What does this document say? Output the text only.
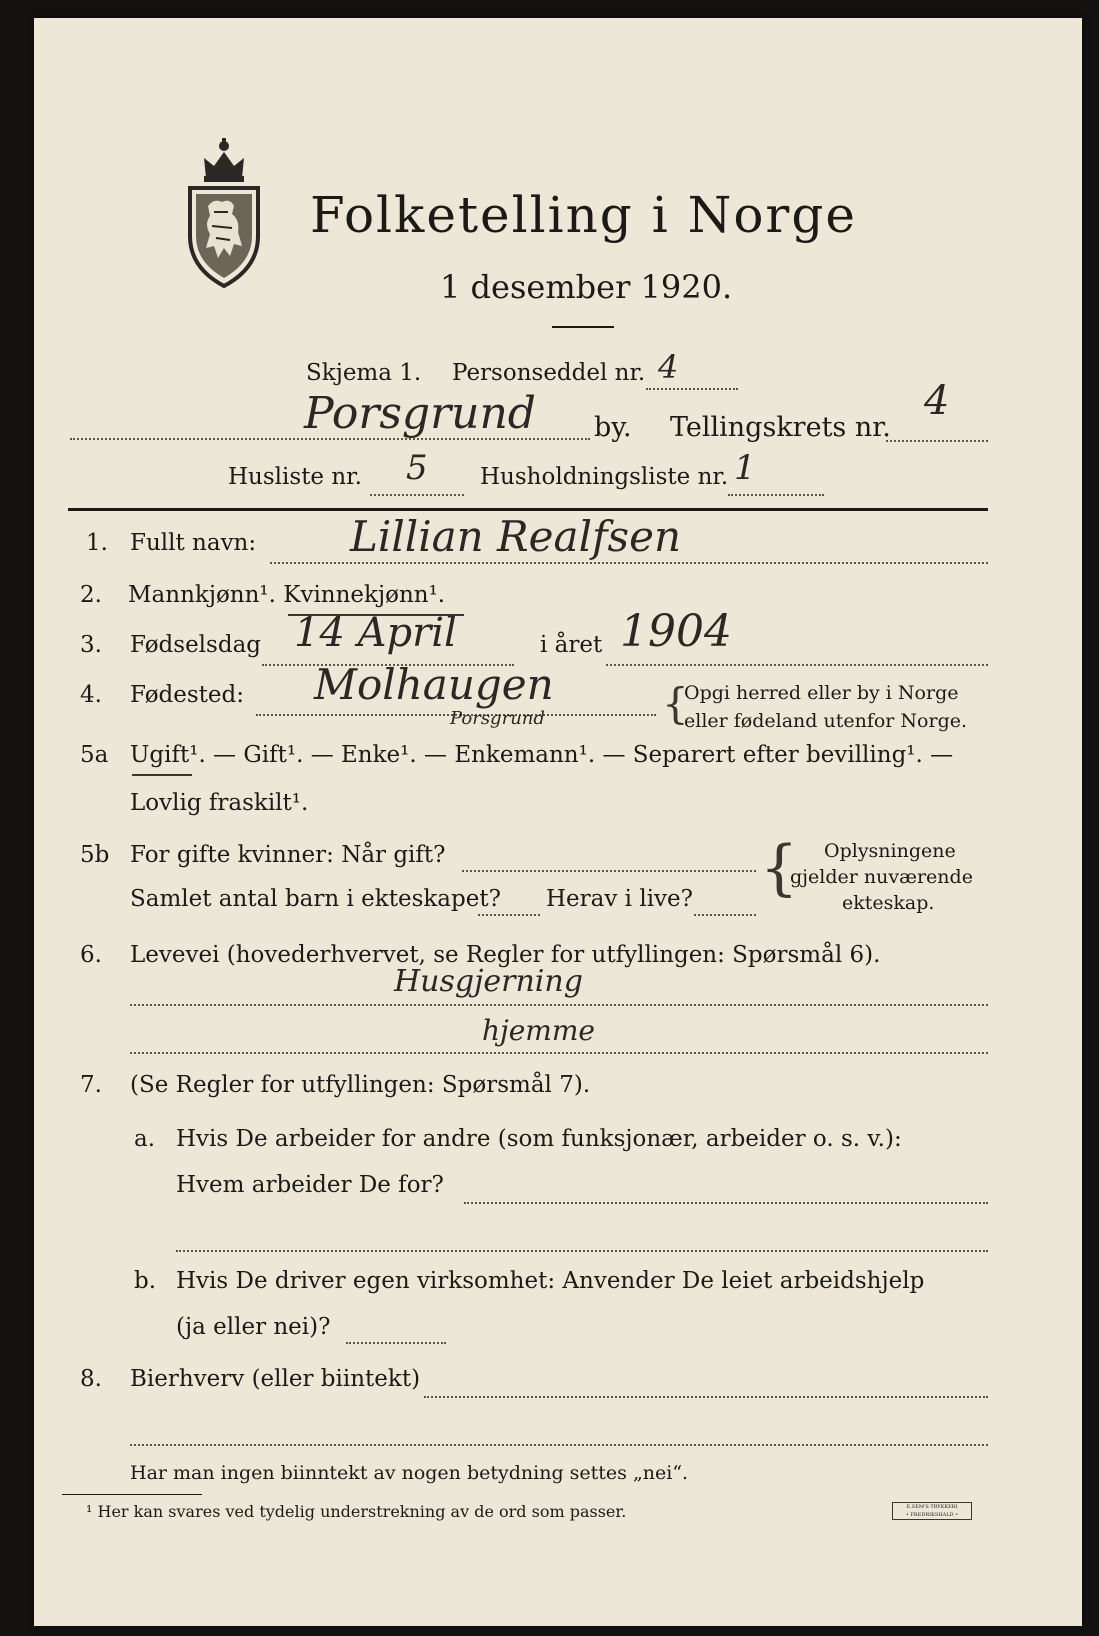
Folketelling i Norge
1 desember 1920.
Skjema 1. Personseddel nr. 4
Porsgrund by. Tellingskrets nr.
4
Husliste nr. 5 Husholdningsliste nr. 1
1. Fullt navn: Lillian Realfsen
2. Mannkjønn¹. Kvinnekjønn¹.
3. Fødselsdag 14 April	i året 1904
4. Fødested: Molhaugen
Porsgrund	{
Opgi herred eller by i Norge
eller fødeland utenfor Norge.
5a Ugift¹. — Gift¹. — Enke¹. — Enkemann¹. — Separert efter bevilling¹. —
Lovlig fraskilt¹.
5b For gifte kvinner: Når gift?
Samlet antal barn i ekteskapet? Herav i live? { Oplysningene
gjelder nuværende
ekteskap.
6. Levevei (hovederhvervet, se Regler for utfyllingen: Spørsmål 6).
Husgjerning
hjemme
7. (Se Regler for utfyllingen: Spørsmål 7).
a. Hvis De arbeider for andre (som funksjonær, arbeider o. s. v.):
Hvem arbeider De for?
b. Hvis De driver egen virksomhet: Anvender De leiet arbeidshjelp
(ja eller nei)?
8. Bierhverv (eller biintekt)
Har man ingen biinntekt av nogen betydning settes „nei“.
¹ Her kan svares ved tydelig understrekning av de ord som passer.	E.SEM'S TRYKKERI
• FREDRIKSHALD •
